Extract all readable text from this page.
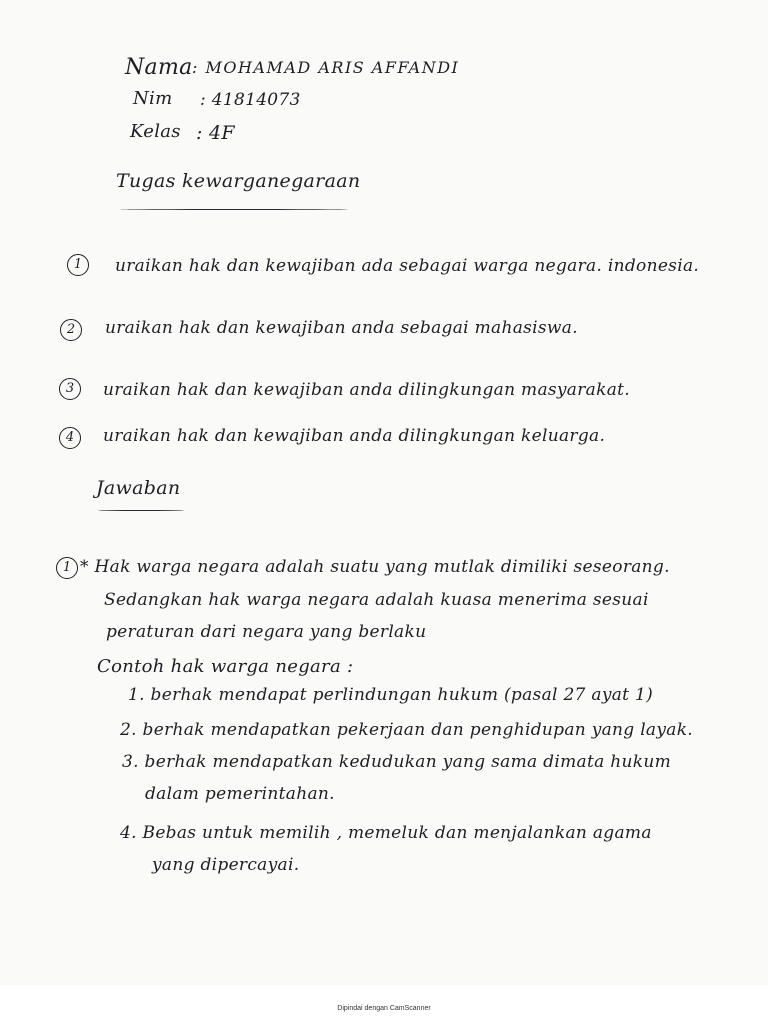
Nama : MOHAMAD ARIS AFFANDI
Nim : 41814073
Kelas : 4F
Tugas kewarganegaraan
1	uraikan hak dan kewajiban ada sebagai warga negara. indonesia.
2	uraikan hak dan kewajiban anda sebagai mahasiswa.
3	uraikan hak dan kewajiban anda dilingkungan masyarakat.
4	uraikan hak dan kewajiban anda dilingkungan keluarga.
Jawaban
1 * Hak warga negara adalah suatu yang mutlak dimiliki seseorang.
Sedangkan hak warga negara adalah kuasa menerima sesuai
peraturan dari negara yang berlaku
Contoh hak warga negara :
1. berhak mendapat perlindungan hukum (pasal 27 ayat 1)
2. berhak mendapatkan pekerjaan dan penghidupan yang layak.
3. berhak mendapatkan kedudukan yang sama dimata hukum
dalam pemerintahan.
4. Bebas untuk memilih , memeluk dan menjalankan agama
yang dipercayai.
Dipindai dengan CamScanner
